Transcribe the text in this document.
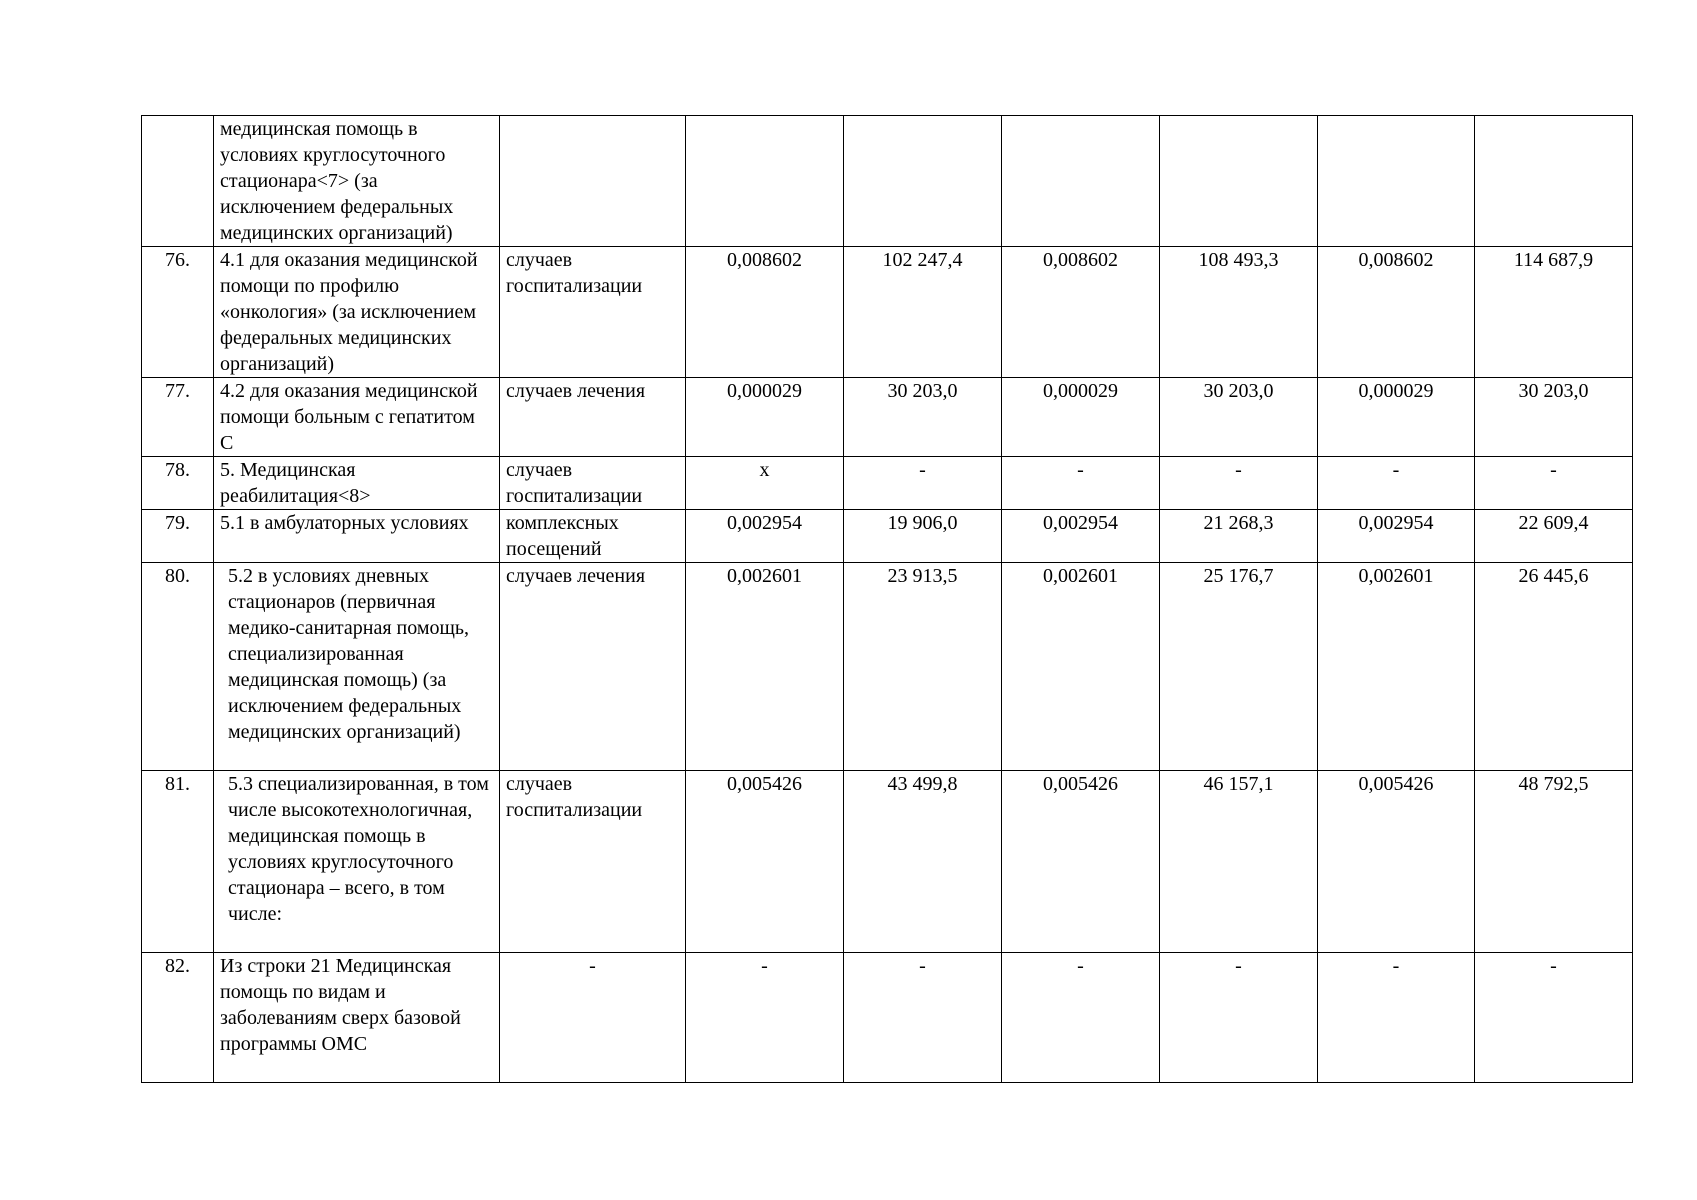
	медицинская помощь в условиях круглосуточного стационара<7> (за исключением федеральных медицинских организаций)							
76.	4.1 для оказания медицинской помощи по профилю «онкология» (за исключением федеральных медицинских организаций)	случаев госпитализации	0,008602	102 247,4	0,008602	108 493,3	0,008602	114 687,9
77.	4.2 для оказания медицинской помощи больным с гепатитом С	случаев лечения	0,000029	30 203,0	0,000029	30 203,0	0,000029	30 203,0
78.	5. Медицинская реабилитация<8>	случаев госпитализации	х	-	-	-	-	-
79.	5.1 в амбулаторных условиях	комплексных посещений	0,002954	19 906,0	0,002954	21 268,3	0,002954	22 609,4
80.	5.2 в условиях дневных стационаров (первичная медико-санитарная помощь, специализированная медицинская помощь) (за исключением федеральных медицинских организаций)	случаев лечения	0,002601	23 913,5	0,002601	25 176,7	0,002601	26 445,6
81.	5.3 специализированная, в том числе высокотехнологичная, медицинская помощь в условиях круглосуточного стационара – всего, в том числе:	случаев госпитализации	0,005426	43 499,8	0,005426	46 157,1	0,005426	48 792,5
82.	Из строки 21 Медицинская помощь по видам и заболеваниям сверх базовой программы ОМС	-	-	-	-	-	-	-
